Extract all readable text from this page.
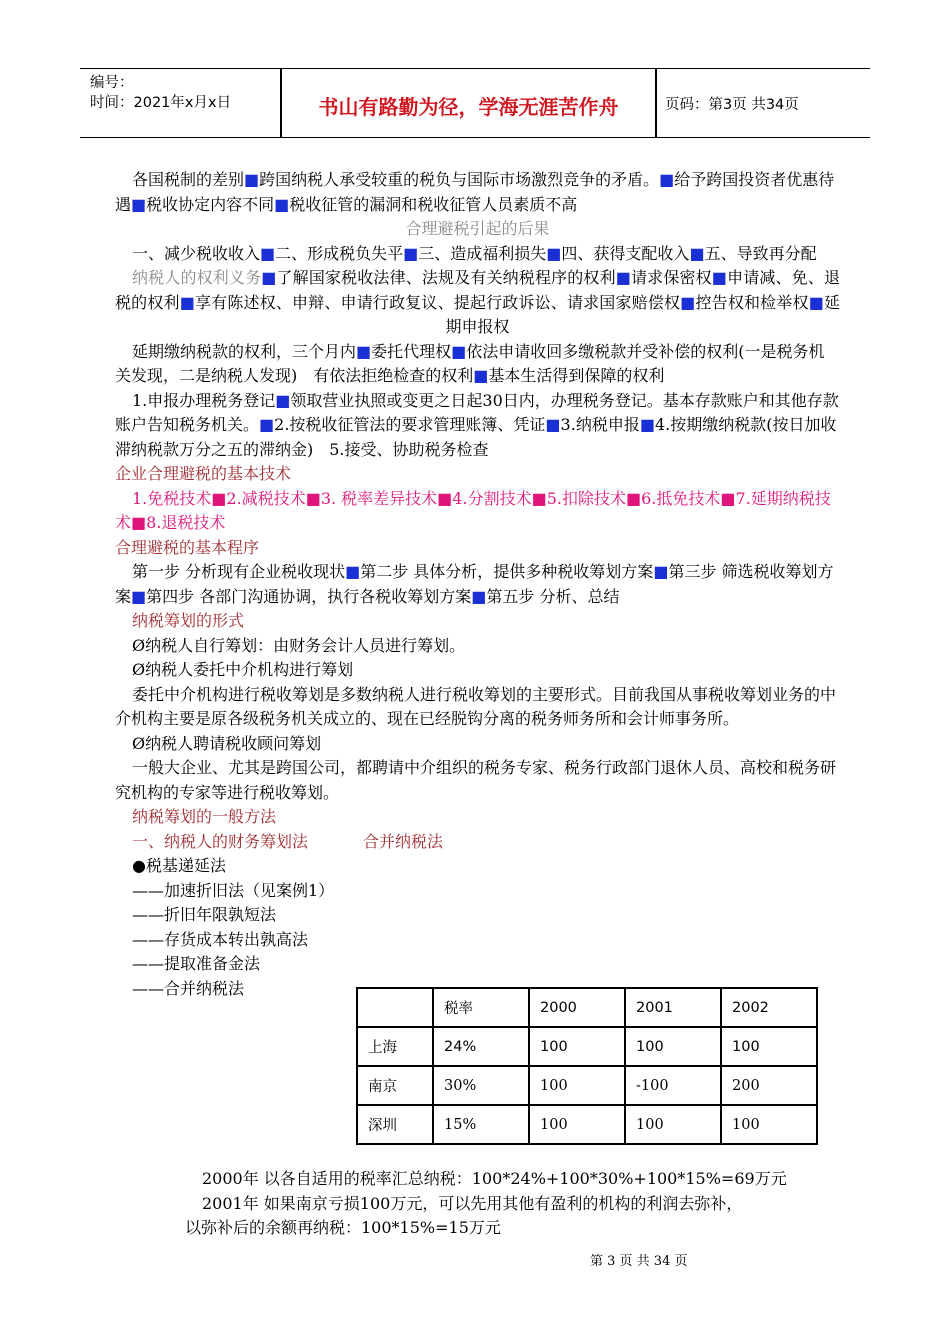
编号：
时间：2021年x月x日	书山有路勤为径，学海无涯苦作舟	页码：第3页 共34页

各国税制的差别■跨国纳税人承受较重的税负与国际市场激烈竞争的矛盾。■给予跨国投资者优惠待遇■税收协定内容不同■税收征管的漏洞和税收征管人员素质不高

合理避税引起的后果

一、减少税收收入■二、形成税负失平■三、造成福利损失■四、获得支配收入■五、导致再分配

纳税人的权利义务■了解国家税收法律、法规及有关纳税程序的权利■请求保密权■申请减、免、退税的权利■享有陈述权、申辩、申请行政复议、提起行政诉讼、请求国家赔偿权■控告权和检举权■延期申报权

延期缴纳税款的权利，三个月内■委托代理权■依法申请收回多缴税款并受补偿的权利(一是税务机关发现，二是纳税人发现)　有依法拒绝检查的权利■基本生活得到保障的权利

1.申报办理税务登记■领取营业执照或变更之日起30日内，办理税务登记。基本存款账户和其他存款账户告知税务机关。■2.按税收征管法的要求管理账簿、凭证■3.纳税申报■4.按期缴纳税款(按日加收滞纳税款万分之五的滞纳金)　5.接受、协助税务检查

企业合理避税的基本技术

1.免税技术■2.减税技术■3. 税率差异技术■4.分割技术■5.扣除技术■6.抵免技术■7.延期纳税技术■8.退税技术

合理避税的基本程序

第一步 分析现有企业税收现状■第二步 具体分析，提供多种税收筹划方案■第三步 筛选税收筹划方案■第四步 各部门沟通协调，执行各税收筹划方案■第五步 分析、总结

纳税筹划的形式

Ø纳税人自行筹划：由财务会计人员进行筹划。

Ø纳税人委托中介机构进行筹划

委托中介机构进行税收筹划是多数纳税人进行税收筹划的主要形式。目前我国从事税收筹划业务的中介机构主要是原各级税务机关成立的、现在已经脱钩分离的税务师务所和会计师事务所。

Ø纳税人聘请税收顾问筹划

一般大企业、尤其是跨国公司，都聘请中介组织的税务专家、税务行政部门退休人员、高校和税务研究机构的专家等进行税收筹划。

纳税筹划的一般方法

一、纳税人的财务筹划法	合并纳税法

●税基递延法

——加速折旧法（见案例1）

——折旧年限孰短法

——存货成本转出孰高法

——提取准备金法

——合并纳税法

	税率	2000	2001	2002
上海	24%	100	100	100
南京	30%	100	-100	200
深圳	15%	100	100	100

2000年 以各自适用的税率汇总纳税：100*24%+100*30%+100*15%=69万元

2001年 如果南京亏损100万元，可以先用其他有盈利的机构的利润去弥补，

以弥补后的余额再纳税：100*15%=15万元

第 3 页 共 34 页
